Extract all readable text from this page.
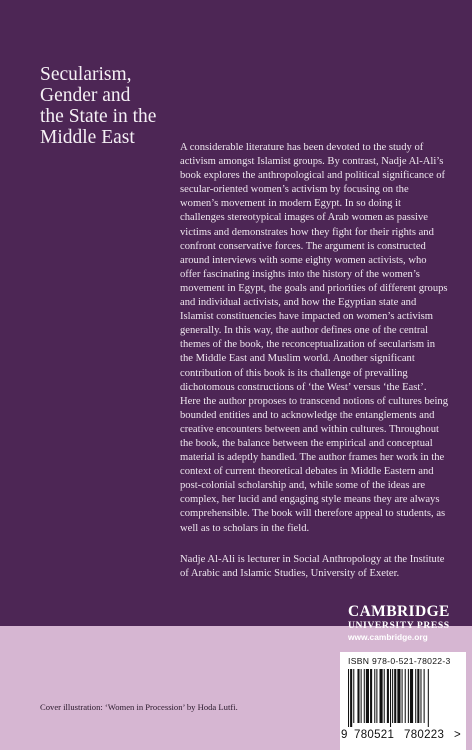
Secularism,
Gender and
the State in the
Middle East	A considerable literature has been devoted to the study of activism amongst Islamist groups. By contrast, Nadje Al-Ali’s book explores the anthropological and political significance of secular-oriented women’s activism by focusing on the women’s movement in modern Egypt. In so doing it challenges stereotypical images of Arab women as passive victims and demonstrates how they fight for their rights and confront conservative forces. The argument is constructed around interviews with some eighty women activists, who offer fascinating insights into the history of the women’s movement in Egypt, the goals and priorities of different groups and individual activists, and how the Egyptian state and Islamist constituencies have impacted on women’s activism generally. In this way, the author defines one of the central themes of the book, the reconceptualization of secularism in the Middle East and Muslim world. Another significant contribution of this book is its challenge of prevailing dichotomous constructions of ‘the West’ versus ‘the East’. Here the author proposes to transcend notions of cultures being bounded entities and to acknowledge the entanglements and creative encounters between and within cultures. Throughout the book, the balance between the empirical and conceptual material is adeptly handled. The author frames her work in the context of current theoretical debates in Middle Eastern and post-colonial scholarship and, while some of the ideas are complex, her lucid and engaging style means they are always comprehensible. The book will therefore appeal to students, as well as to scholars in the field.

Nadje Al-Ali is lecturer in Social Anthropology at the Institute of Arabic and Islamic Studies, University of Exeter.

CAMBRIDGE
UNIVERSITY PRESS
www.cambridge.org
ISBN 978-0-521-78022-3
9 780521 780223 >
Cover illustration: ‘Women in Procession’ by Hoda Lutfi.
